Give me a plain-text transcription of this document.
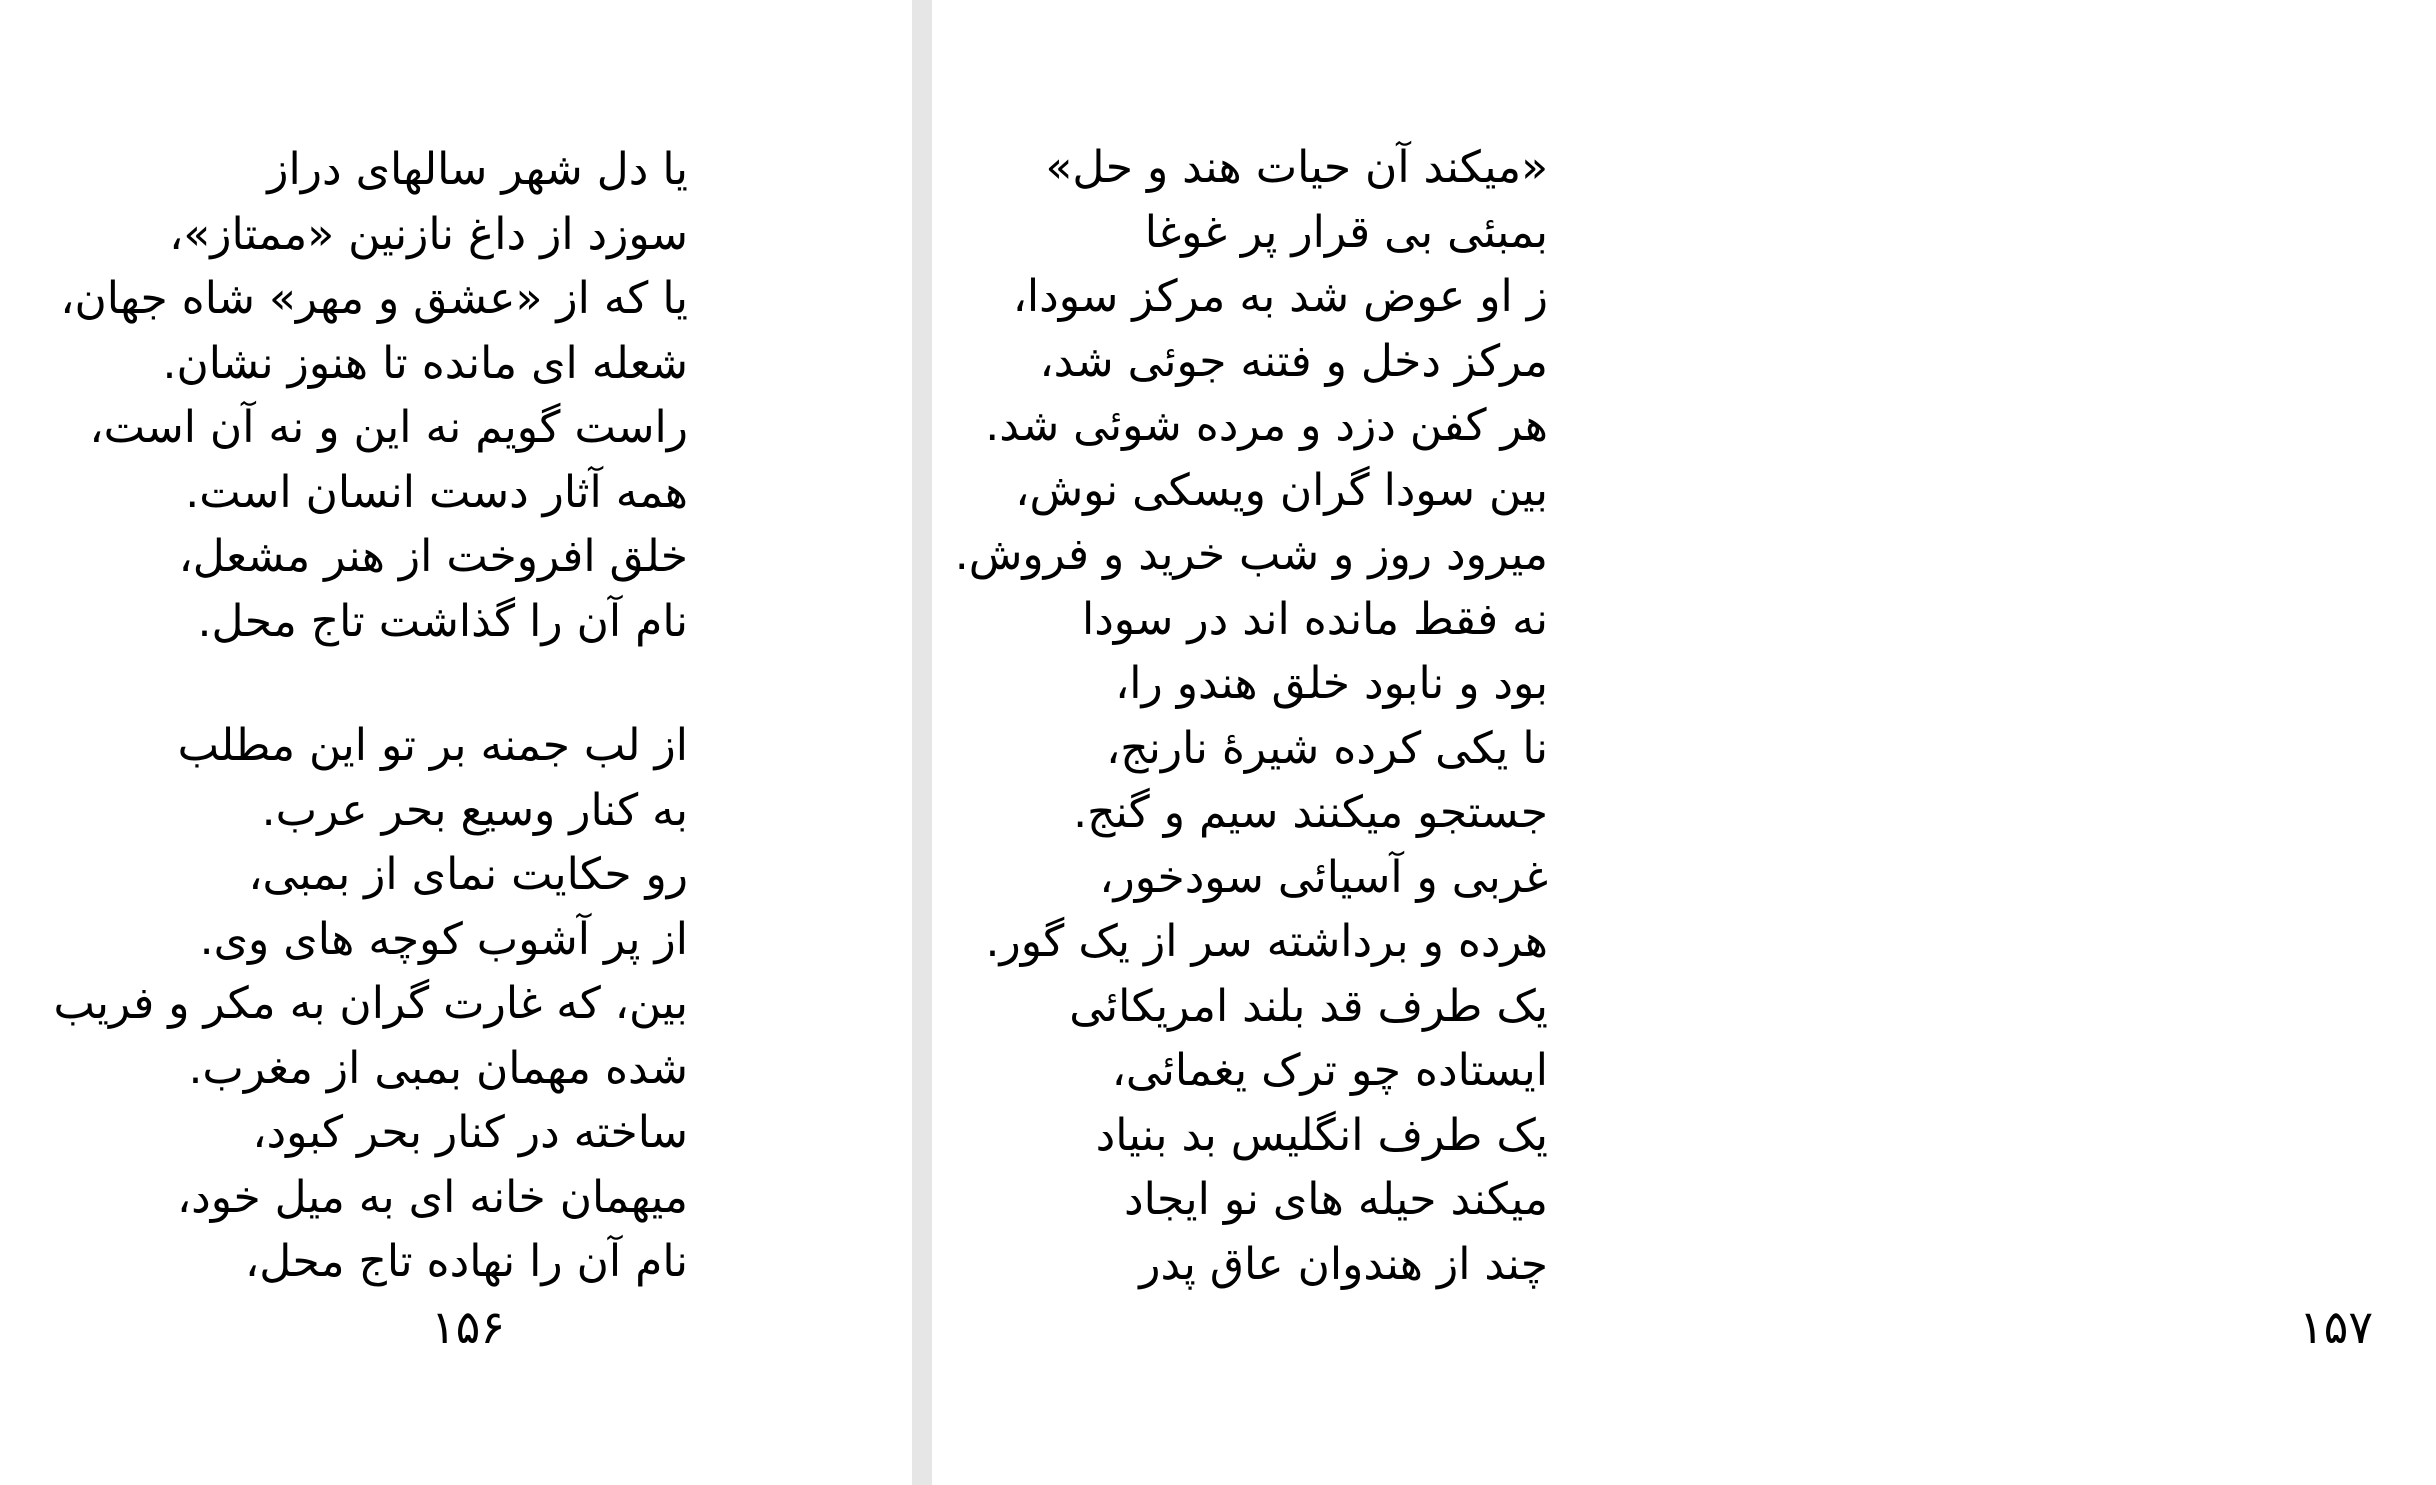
یا دل شهر سالهای دراز
سوزد از داغ نازنین «ممتاز»،
یا که از «عشق و مهر» شاه جهان،
شعله ای مانده تا هنوز نشان.
راست گویم نه این و نه آن است،
همه آثار دست انسان است.
خلق افروخت از هنر مشعل،
نام آن را گذاشت تاج محل.
از لب جمنه بر تو این مطلب
به کنار وسیع بحر عرب.
رو حکایت نمای از بمبی،
از پر آشوب کوچه های وی.
بین، که غارت گران به مکر و فریب
شده مهمان بمبی از مغرب.
ساخته در کنار بحر کبود،
میهمان خانه ای به میل خود،
نام آن را نهاده تاج محل،
۱۵۶
«میکند آن حیات هند و حل»
بمبئی بی قرار پر غوغا
ز او عوض شد به مرکز سودا،
مرکز دخل و فتنه جوئی شد،
هر کفن دزد و مرده شوئی شد.
بین سودا گران ویسکی نوش،
میرود روز و شب خرید و فروش.
نه فقط مانده اند در سودا
بود و نابود خلق هندو را،
نا یکی کرده شیرهٔ نارنج،
جستجو میکنند سیم و گنج.
غربی و آسیائی سودخور،
هرده و برداشته سر از یک گور.
یک طرف قد بلند امریکائی
ایستاده چو ترک یغمائی،
یک طرف انگلیس بد بنیاد
میکند حیله های نو ایجاد
چند از هندوان عاق پدر
۱۵۷
